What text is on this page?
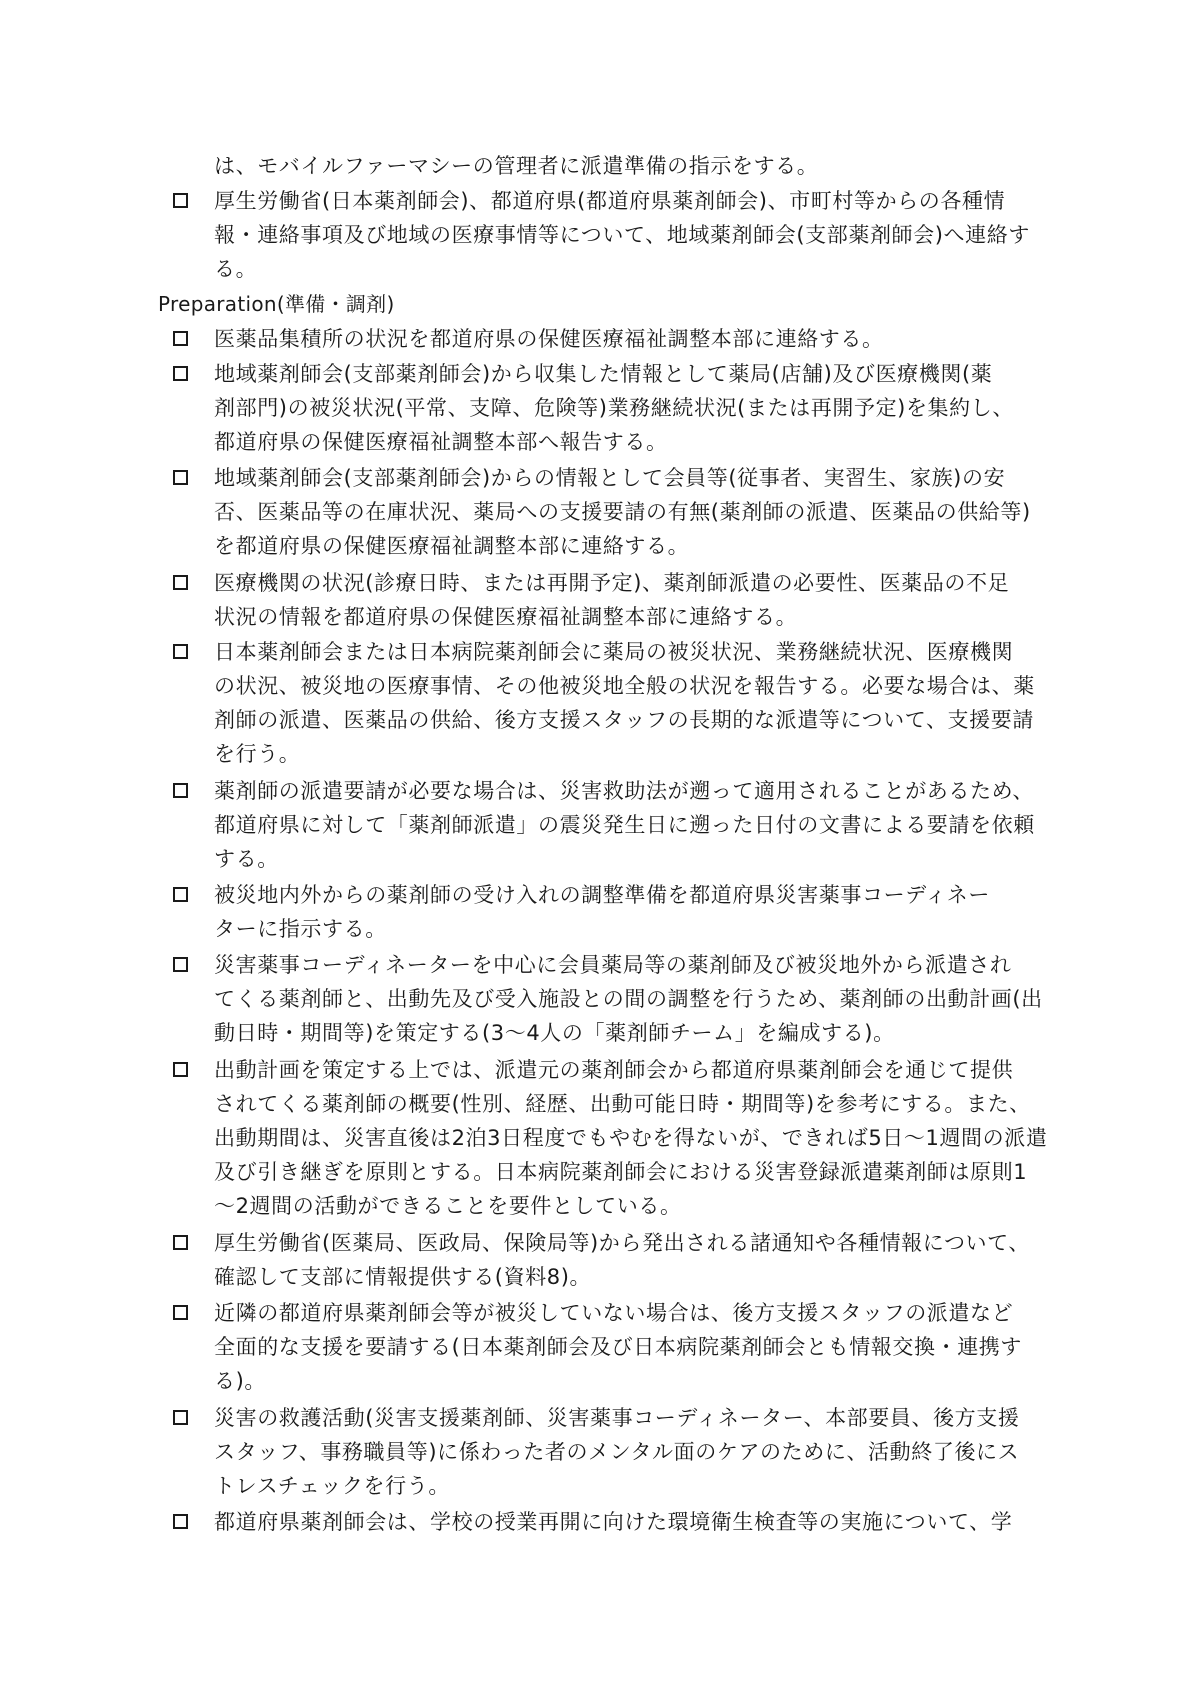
は、モバイルファーマシーの管理者に派遣準備の指示をする。
厚生労働省(日本薬剤師会)、都道府県(都道府県薬剤師会)、市町村等からの各種情
報・連絡事項及び地域の医療事情等について、地域薬剤師会(支部薬剤師会)へ連絡す
る。
Preparation(準備・調剤)
医薬品集積所の状況を都道府県の保健医療福祉調整本部に連絡する。
地域薬剤師会(支部薬剤師会)から収集した情報として薬局(店舗)及び医療機関(薬
剤部門)の被災状況(平常、支障、危険等)業務継続状況(または再開予定)を集約し、
都道府県の保健医療福祉調整本部へ報告する。
地域薬剤師会(支部薬剤師会)からの情報として会員等(従事者、実習生、家族)の安
否、医薬品等の在庫状況、薬局への支援要請の有無(薬剤師の派遣、医薬品の供給等)
を都道府県の保健医療福祉調整本部に連絡する。
医療機関の状況(診療日時、または再開予定)、薬剤師派遣の必要性、医薬品の不足
状況の情報を都道府県の保健医療福祉調整本部に連絡する。
日本薬剤師会または日本病院薬剤師会に薬局の被災状況、業務継続状況、医療機関
の状況、被災地の医療事情、その他被災地全般の状況を報告する。必要な場合は、薬
剤師の派遣、医薬品の供給、後方支援スタッフの長期的な派遣等について、支援要請
を行う。
薬剤師の派遣要請が必要な場合は、災害救助法が遡って適用されることがあるため、
都道府県に対して「薬剤師派遣」の震災発生日に遡った日付の文書による要請を依頼
する。
被災地内外からの薬剤師の受け入れの調整準備を都道府県災害薬事コーディネー
ターに指示する。
災害薬事コーディネーターを中心に会員薬局等の薬剤師及び被災地外から派遣され
てくる薬剤師と、出動先及び受入施設との間の調整を行うため、薬剤師の出動計画(出
動日時・期間等)を策定する(3〜4人の「薬剤師チーム」を編成する)。
出動計画を策定する上では、派遣元の薬剤師会から都道府県薬剤師会を通じて提供
されてくる薬剤師の概要(性別、経歴、出動可能日時・期間等)を参考にする。また、
出動期間は、災害直後は2泊3日程度でもやむを得ないが、できれば5日〜1週間の派遣
及び引き継ぎを原則とする。日本病院薬剤師会における災害登録派遣薬剤師は原則1
〜2週間の活動ができることを要件としている。
厚生労働省(医薬局、医政局、保険局等)から発出される諸通知や各種情報について、
確認して支部に情報提供する(資料8)。
近隣の都道府県薬剤師会等が被災していない場合は、後方支援スタッフの派遣など
全面的な支援を要請する(日本薬剤師会及び日本病院薬剤師会とも情報交換・連携す
る)。
災害の救護活動(災害支援薬剤師、災害薬事コーディネーター、本部要員、後方支援
スタッフ、事務職員等)に係わった者のメンタル面のケアのために、活動終了後にス
トレスチェックを行う。
都道府県薬剤師会は、学校の授業再開に向けた環境衛生検査等の実施について、学
